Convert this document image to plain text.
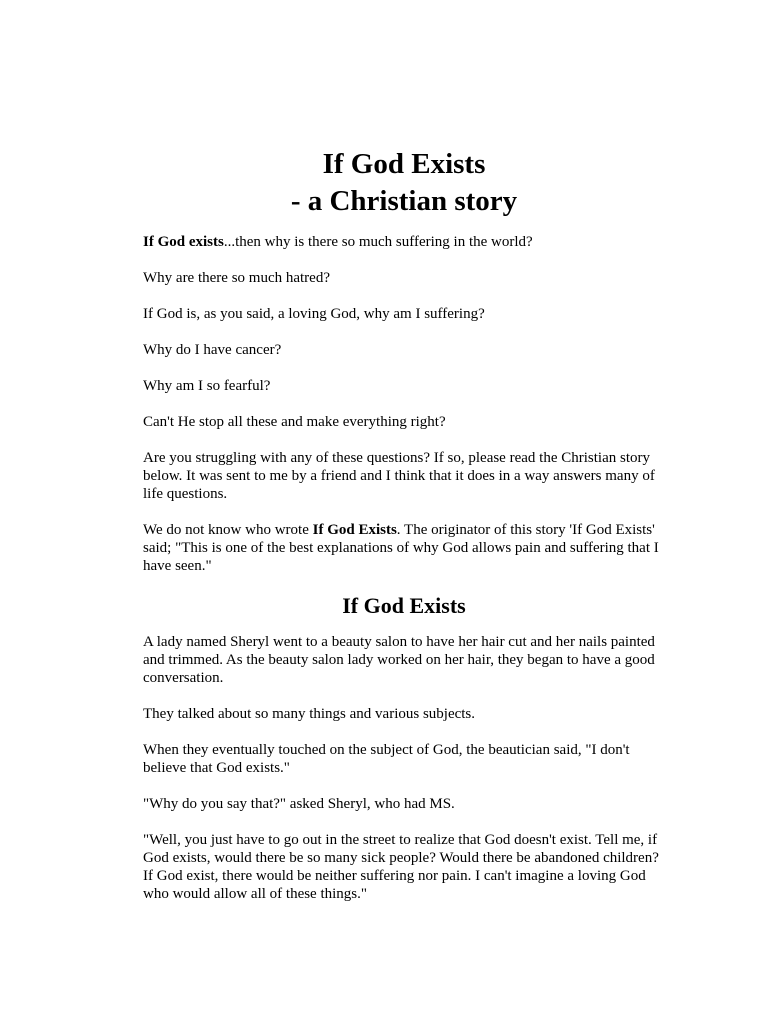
If God Exists
- a Christian story

If God exists...then why is there so much suffering in the world?

Why are there so much hatred?

If God is, as you said, a loving God, why am I suffering?

Why do I have cancer?

Why am I so fearful?

Can't He stop all these and make everything right?

Are you struggling with any of these questions? If so, please read the Christian story below. It was sent to me by a friend and I think that it does in a way answers many of life questions.

We do not know who wrote If God Exists. The originator of this story 'If God Exists' said; "This is one of the best explanations of why God allows pain and suffering that I have seen."

If God Exists

A lady named Sheryl went to a beauty salon to have her hair cut and her nails painted and trimmed. As the beauty salon lady worked on her hair, they began to have a good conversation.

They talked about so many things and various subjects.

When they eventually touched on the subject of God, the beautician said, "I don't believe that God exists."

"Why do you say that?" asked Sheryl, who had MS.

"Well, you just have to go out in the street to realize that God doesn't exist. Tell me, if God exists, would there be so many sick people? Would there be abandoned children? If God exist, there would be neither suffering nor pain. I can't imagine a loving God who would allow all of these things."
